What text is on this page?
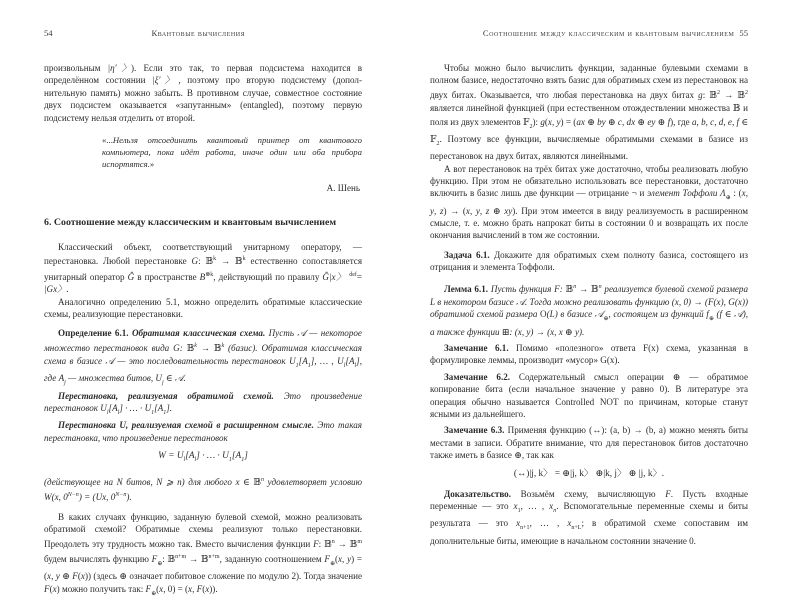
54	Квантовые вычисления

произвольным |η′〉). Если это так, то первая подсистема находится в определённом состоянии |ξ′〉, поэтому про вторую подсистему (дополнительную память) можно забыть. В противном случае, совместное состояние двух подсистем оказывается «запутанным» (entangled), поэтому первую подсистему нельзя отделить от второй.

«...Нельзя отсоединить квантовый принтер от квантового компьютера, пока идёт работа, иначе один или оба прибора испортятся.»
А. Шень
6. Соотношение между классическим и квантовым вычислением

Классический объект, соответствующий унитарному оператору, — перестановка. Любой перестановке G: 𝔹$^k$ → 𝔹$^k$ естественно сопоставляется унитарный оператор Ĝ в пространстве $B^{\otimes k}$, действующий по правилу Ĝ|x〉 $^{def}$= |Gx〉.

Аналогично определению 5.1, можно определить обратимые классические схемы, реализующие перестановки.

Определение 6.1. Обратимая классическая схема. Пусть 𝒜 — некоторое множество перестановок вида G: 𝔹$^k$ → 𝔹$^k$ (базис). Обратимая классическая схема в базисе 𝒜 — это последовательность перестановок $U_1[A_1]$, … , $U_l[A_l]$, где $A_j$ — множества битов, $U_j$ ∈ 𝒜.

Перестановка, реализуемая обратимой схемой. Это произведение перестановок $U_l[A_l]$ · … · $U_1[A_1]$.

Перестановка U, реализуемая схемой в расширенном смысле. Это такая перестановка, что произведение перестановок

$W = U_l[A_l]$ · … · $U_1[A_1]$

(действующее на N битов, N ⩾ n) для любого x ∈ 𝔹$^n$ удовлетворяет условию W(x, $0^{N-n}) = (Ux$, $0^{N-n}$).

В каких случаях функцию, заданную булевой схемой, можно реализовать обратимой схемой? Обратимые схемы реализуют только перестановки. Преодолеть эту трудность можно так. Вместо вычисления функции F: 𝔹$^n$ → 𝔹$^m$ будем вычислять функцию $F_\oplus$: 𝔹$^{n+m}$ → 𝔹$^{n+m}$, заданную соотношением $F_\oplus(x$, y) = (x, y ⊕ F(x)) (здесь ⊕ означает побитовое сложение по модулю 2). Тогда значение F(x) можно получить так: $F_\oplus(x$, 0) = (x, F(x)).

Соотношение между классическим и квантовым вычислением 55

Чтобы можно было вычислить функции, заданные булевыми схемами в полном базисе, недостаточно взять базис для обратимых схем из перестановок на двух битах. Оказывается, что любая перестановка на двух битах g: 𝔹$^2$ → 𝔹$^2$ является линейной функцией (при естественном отождествлении множества 𝔹 и поля из двух элементов 𝔽$_2$): g(x, y) = (ax ⊕ by ⊕ c, dx ⊕ ey ⊕ f), где a, b, c, d, e, f ∈ 𝔽$_2$. Поэтому все функции, вычисляемые обратимыми схемами в базисе из перестановок на двух битах, являются линейными.

А вот перестановок на трёх битах уже достаточно, чтобы реализовать любую функцию. При этом не обязательно использовать все перестановки, достаточно включить в базис лишь две функции — отрицание ¬ и элемент Тоффоли $\Lambda_\oplus$ : (x, y, z) → (x, y, z ⊕ xy). При этом имеется в виду реализуемость в расширенном смысле, т. е. можно брать напрокат биты в состоянии 0 и возвращать их после окончания вычислений в том же состоянии.

Задача 6.1. Докажите для обратимых схем полноту базиса, состоящего из отрицания и элемента Тоффоли.

Лемма 6.1. Пусть функция F: 𝔹$^n$ → 𝔹$^n$ реализуется булевой схемой размера L в некотором базисе 𝒜. Тогда можно реализовать функцию (x, 0) → (F(x), G(x)) обратимой схемой размера O(L) в базисе 𝒜$_\oplus$, состоящем из функций $f_\oplus$ (f ∈ 𝒜), а также функции ⊞: (x, y) → (x, x ⊕ y).

Замечание 6.1. Помимо «полезного» ответа F(x) схема, указанная в формулировке леммы, производит «мусор» G(x).

Замечание 6.2. Содержательный смысл операции ⊕ — обратимое копирование бита (если начальное значение y равно 0). В литературе эта операция обычно называется Controlled NOT по причинам, которые станут ясными из дальнейшего.

Замечание 6.3. Применяя функцию (↔): (a, b) → (b, a) можно менять биты местами в записи. Обратите внимание, что для перестановок битов достаточно также иметь в базисе ⊕, так как

(↔)|j, k〉 = ⊕|j, k〉 ⊕|k, j〉 ⊕ |j, k〉.

Доказательство. Возьмём схему, вычисляющую F. Пусть входные переменные — это $x_1$, … , $x_n$. Вспомогательные переменные схемы и биты результата — это $x_{n+1}$, … , $x_{n+L}$; в обратимой схеме сопоставим им дополнительные биты, имеющие в начальном состоянии значение 0.
